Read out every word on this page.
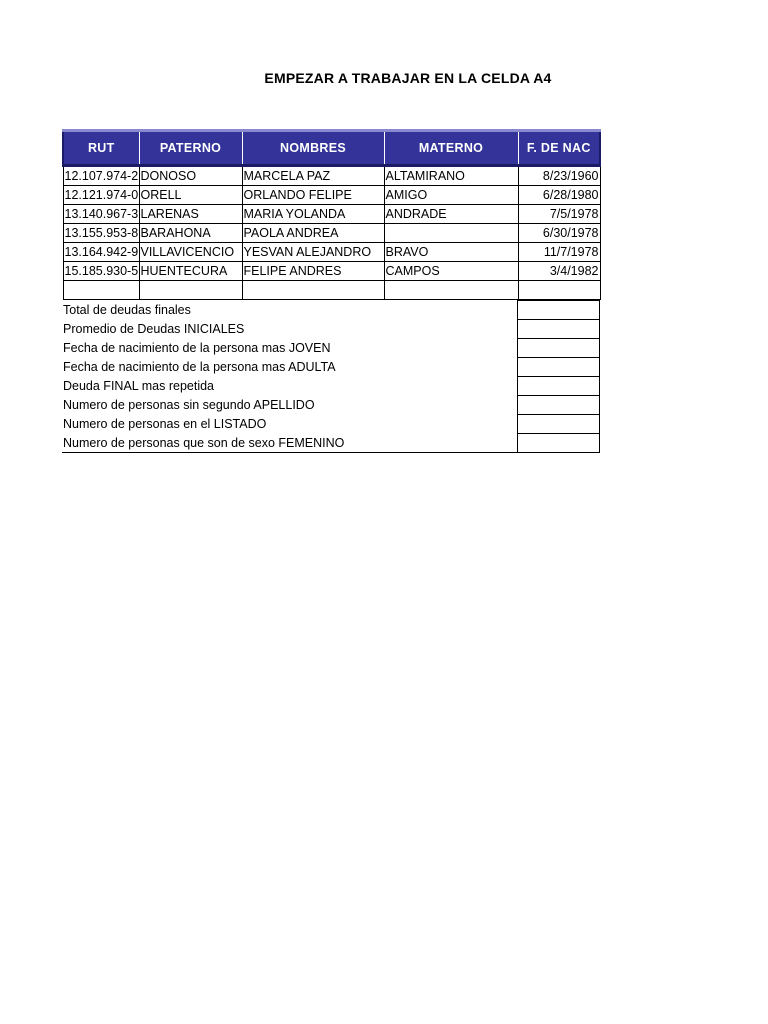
EMPEZAR A TRABAJAR EN LA CELDA A4
RUT	PATERNO	NOMBRES	MATERNO	F. DE NAC
12.107.974-2	DONOSO	MARCELA PAZ	ALTAMIRANO	8/23/1960
12.121.974-0	ORELL	ORLANDO FELIPE	AMIGO	6/28/1980
13.140.967-3	LARENAS	MARIA YOLANDA	ANDRADE	7/5/1978
13.155.953-8	BARAHONA	PAOLA ANDREA		6/30/1978
13.164.942-9	VILLAVICENCIO	YESVAN ALEJANDRO	BRAVO	11/7/1978
15.185.930-5	HUENTECURA	FELIPE ANDRES	CAMPOS	3/4/1982

Total de deudas finales	
Promedio de Deudas INICIALES	
Fecha de nacimiento de la persona mas JOVEN	
Fecha de nacimiento de la persona mas ADULTA	
Deuda FINAL mas repetida	
Numero de personas sin segundo APELLIDO	
Numero de personas en el LISTADO	
Numero de personas que son de sexo FEMENINO	
